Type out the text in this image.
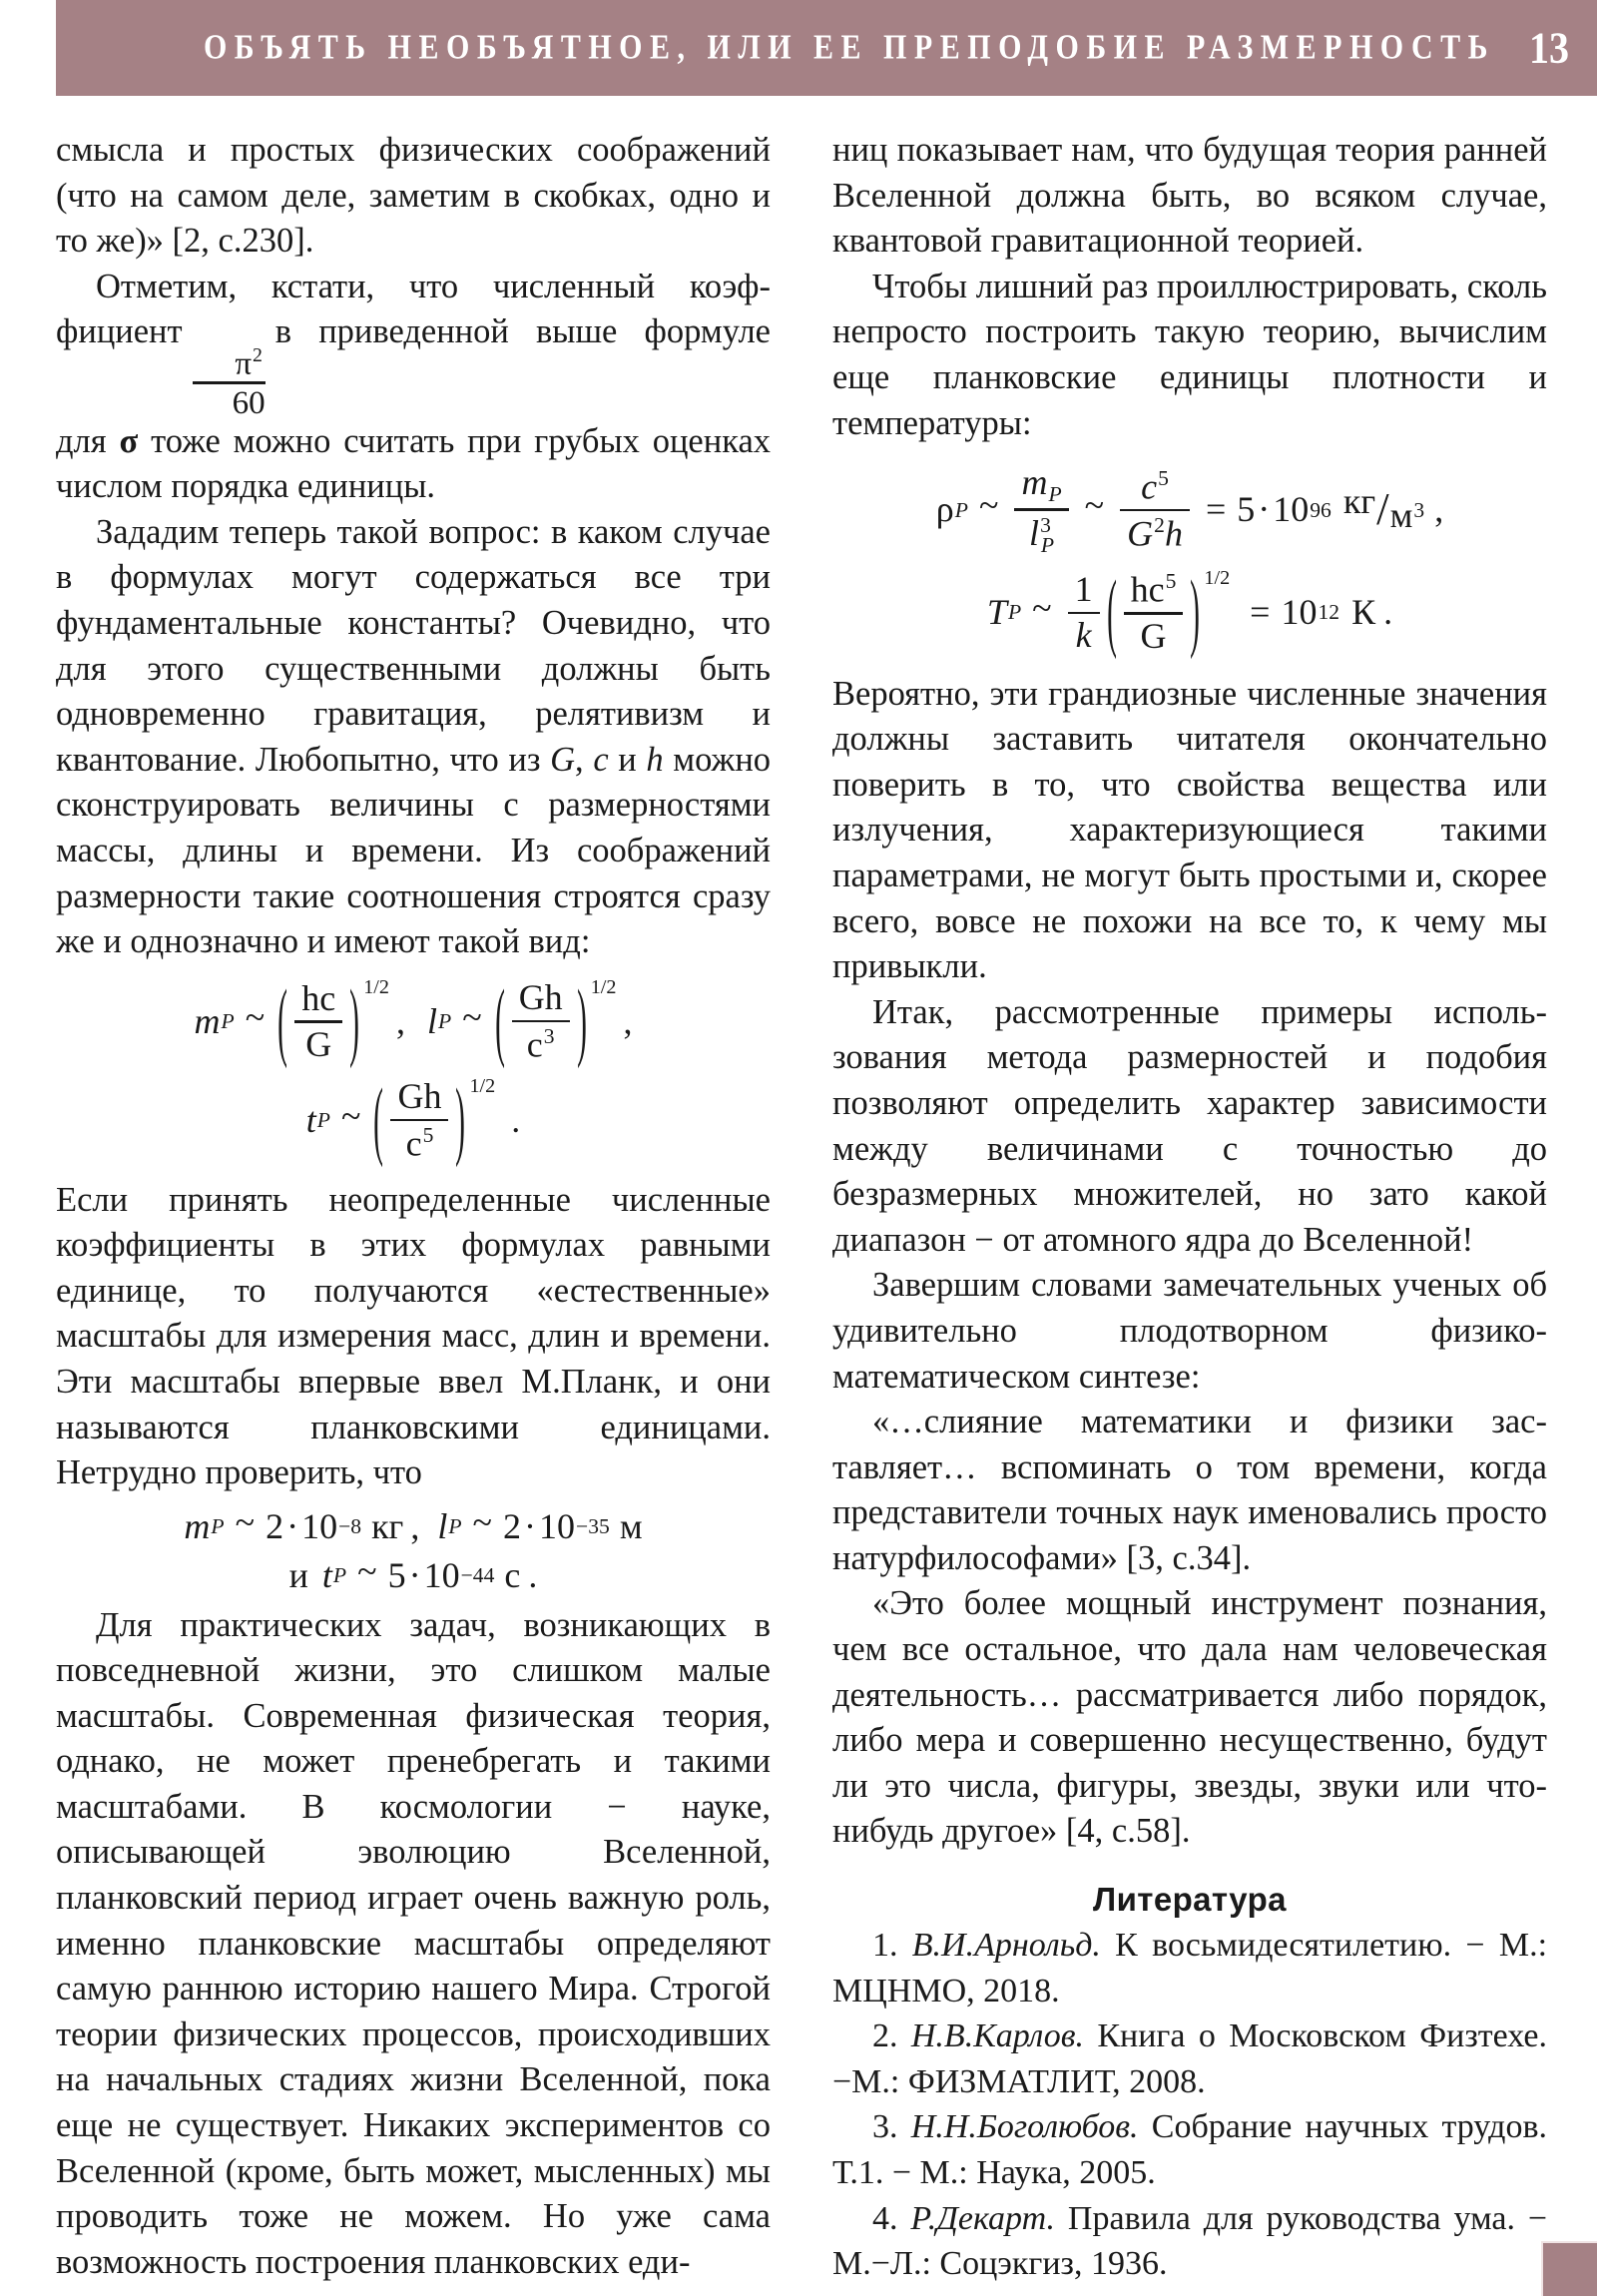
ОБЪЯТЬ НЕОБЪЯТНОЕ, ИЛИ ЕЕ ПРЕПОДОБИЕ РАЗМЕРНОСТЬ 13

смысла и простых физических соображений (что на самом деле, заметим в скобках, одно и то же)» [2, с.230].

Отметим, кстати, что численный коэффициент
$\frac{\pi^2}{60}$
в приведенной выше формуле для σ тоже можно считать при грубых оценках числом порядка единицы.

Зададим теперь такой вопрос: в каком случае в формулах могут содержаться все три фундаментальные константы? Очевидно, что для этого существенными должны быть одновременно гравитация, релятивизм и квантование. Любопытно, что из G, c и h можно сконструировать величины с размерностями массы, длины и времени. Из соображений размерности такие соотношения строятся сразу же и однозначно и имеют такой вид:

m P ~ ( $\frac{hc}{G}$ ) 1/2
, l P ~ ( $\frac{Gh}{c^3}$ ) 1/2
,
t P ~ ( $\frac{Gh}{c^5}$ ) 1/2
.

Если принять неопределенные численные коэффициенты в этих формулах равными единице, то получаются «естественные» масштабы для измерения масс, длин и времени. Эти масштабы впервые ввел М.Планк, и они называются планковскими единицами. Нетрудно проверить, что

m P ~ 2 · 10 −8 кг , l P ~ 2 · 10 −35 м
и t P ~ 5 · 10 −44 с .

Для практических задач, возникающих в повседневной жизни, это слишком малые масштабы. Современная физическая теория, однако, не может пренебрегать и такими масштабами. В космологии − науке, описывающей эволюцию Вселенной, планковский период играет очень важную роль, именно планковские масштабы определяют самую раннюю историю нашего Мира. Строгой теории физических процессов, происходивших на начальных стадиях жизни Вселенной, пока еще не существует. Никаких экспериментов со Вселенной (кроме, быть может, мысленных) мы проводить тоже не можем. Но уже сама возможность построения планковских еди-

ниц показывает нам, что будущая теория ранней Вселенной должна быть, во всяком случае, квантовой гравитационной теорией.

Чтобы лишний раз проиллюстрировать, сколь непросто построить такую теорию, вычислим еще планковские единицы плотности и температуры:

ρ P ~ $\frac{m_P}{l^3_P}$ ~ $\frac{c^5}{G^2h} = 5 \cdot 10$ 96 кг / м 3 ,
T P ~ $\frac{1}{k}$ ( $\frac{hc^5}{G}$ ) 1/2
= 10 12 К .

Вероятно, эти грандиозные численные значения должны заставить читателя окончательно поверить в то, что свойства вещества или излучения, характеризующиеся такими параметрами, не могут быть простыми и, скорее всего, вовсе не похожи на все то, к чему мы привыкли.

Итак, рассмотренные примеры использования метода размерностей и подобия позволяют определить характер зависимости между величинами с точностью до безразмерных множителей, но зато какой диапазон − от атомного ядра до Вселенной!

Завершим словами замечательных ученых об удивительно плодотворном физико-математическом синтезе:

«…слияние математики и физики заставляет… вспоминать о том времени, когда представители точных наук именовались просто натурфилософами» [3, с.34].

«Это более мощный инструмент познания, чем все остальное, что дала нам человеческая деятельность… рассматривается либо порядок, либо мера и совершенно несущественно, будут ли это числа, фигуры, звезды, звуки или что-нибудь другое» [4, с.58].

Литература

1. В.И.Арнольд. К восьмидесятилетию. − М.: МЦНМО, 2018.

2. Н.В.Карлов. Книга о Московском Физтехе. −М.: ФИЗМАТЛИТ, 2008.

3. Н.Н.Боголюбов. Собрание научных трудов. Т.1. − М.: Наука, 2005.

4. Р.Декарт. Правила для руководства ума. − М.−Л.: Соцэкгиз, 1936.
